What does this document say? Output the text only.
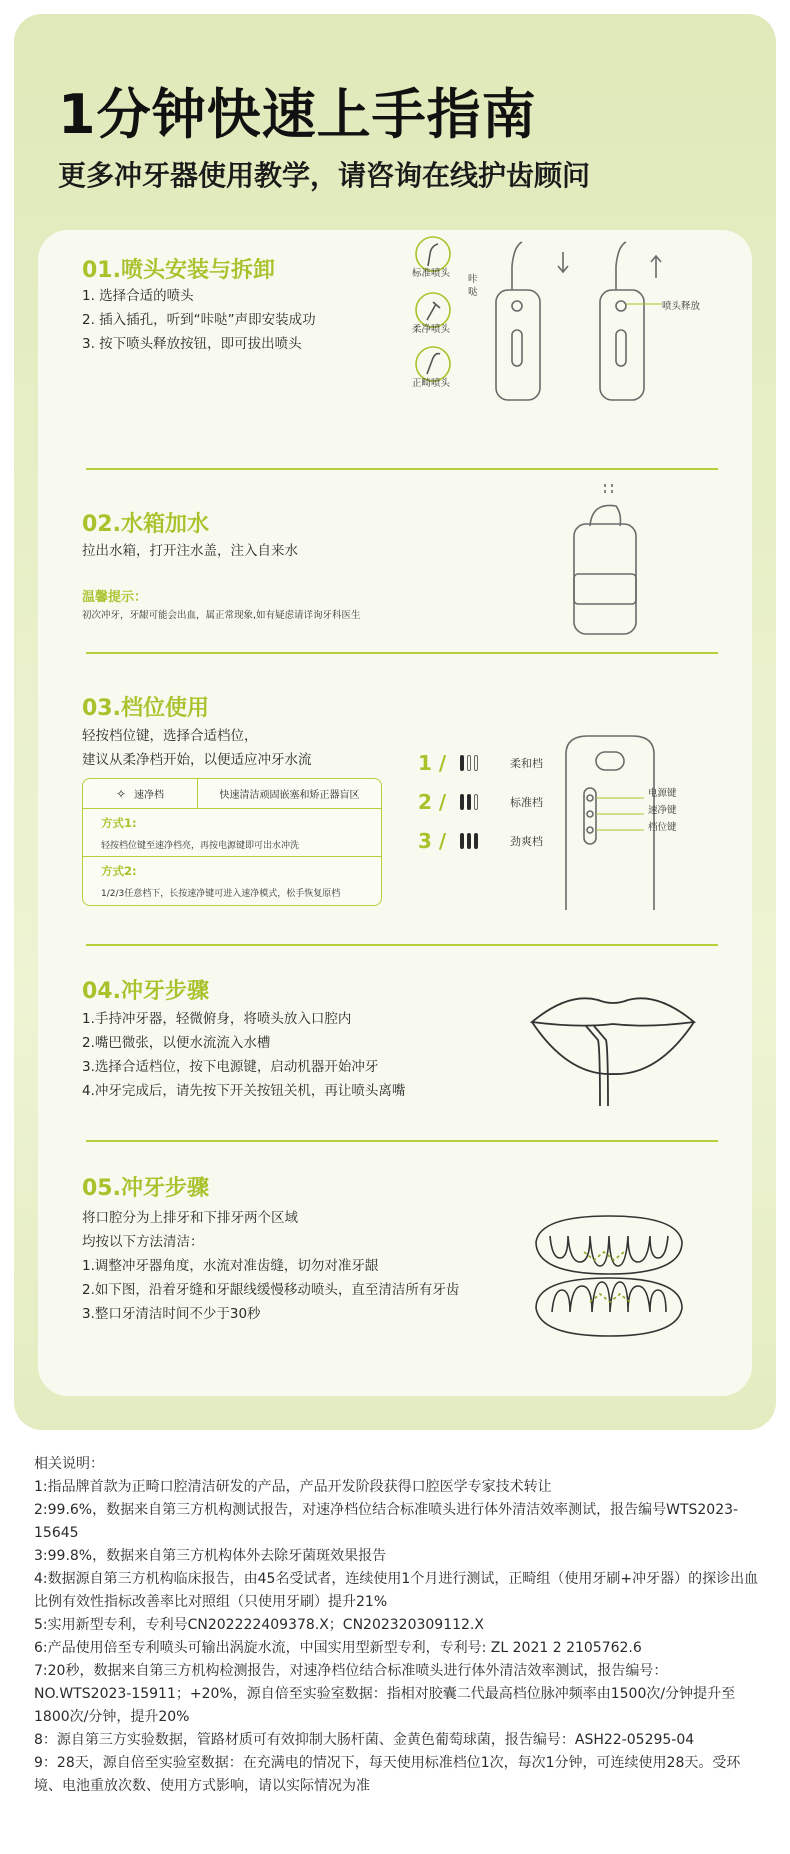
1分钟快速上手指南
更多冲牙器使用教学，请咨询在线护齿顾问
01.喷头安装与拆卸
1. 选择合适的喷头
2. 插入插孔，听到“咔哒”声即安装成功
3. 按下喷头释放按钮，即可拔出喷头
标准喷头
柔净喷头
正畸喷头
咔哒
喷头释放
02.水箱加水
拉出水箱，打开注水盖，注入自来水
温馨提示：
初次冲牙，牙龈可能会出血，属正常现象,如有疑虑请详询牙科医生
03.档位使用
轻按档位键，选择合适档位，
建议从柔净档开始，以便适应冲牙水流
✧ 速净档	快速清洁顽固嵌塞和矫正器盲区
方式1:
轻按档位键至速净档亮，再按电源键即可出水冲洗
方式2:
1/2/3任意档下，长按速净键可进入速净模式，松手恢复原档
1 /	柔和档
2 /	标准档
3 /	劲爽档
电源键
速净键
档位键
04.冲牙步骤
1.手持冲牙器，轻微俯身，将喷头放入口腔内
2.嘴巴微张，以便水流流入水槽
3.选择合适档位，按下电源键，启动机器开始冲牙
4.冲牙完成后，请先按下开关按钮关机，再让喷头离嘴
05.冲牙步骤
将口腔分为上排牙和下排牙两个区域
均按以下方法清洁：
1.调整冲牙器角度，水流对准齿缝，切勿对准牙龈
2.如下图，沿着牙缝和牙龈线缓慢移动喷头，直至清洁所有牙齿
3.整口牙清洁时间不少于30秒
相关说明：
1:指品牌首款为正畸口腔清洁研发的产品，产品开发阶段获得口腔医学专家技术转让
2:99.6%，数据来自第三方机构测试报告，对速净档位结合标准喷头进行体外清洁效率测试，报告编号WTS2023-15645
3:99.8%，数据来自第三方机构体外去除牙菌斑效果报告
4:数据源自第三方机构临床报告，由45名受试者，连续使用1个月进行测试，正畸组（使用牙刷+冲牙器）的探诊出血比例有效性指标改善率比对照组（只使用牙刷）提升21%
5:实用新型专利，专利号CN202222409378.X；CN202320309112.X
6:产品使用倍至专利喷头可输出涡旋水流，中国实用型新型专利，专利号: ZL 2021 2 2105762.6
7:20秒，数据来自第三方机构检测报告，对速净档位结合标准喷头进行体外清洁效率测试，报告编号：NO.WTS2023-15911；+20%，源自倍至实验室数据：指相对胶囊二代最高档位脉冲频率由1500次/分钟提升至1800次/分钟，提升20%
8：源自第三方实验数据，管路材质可有效抑制大肠杆菌、金黄色葡萄球菌，报告编号：ASH22-05295-04
9：28天，源自倍至实验室数据：在充满电的情况下，每天使用标准档位1次，每次1分钟，可连续使用28天。受环境、电池重放次数、使用方式影响，请以实际情况为准
